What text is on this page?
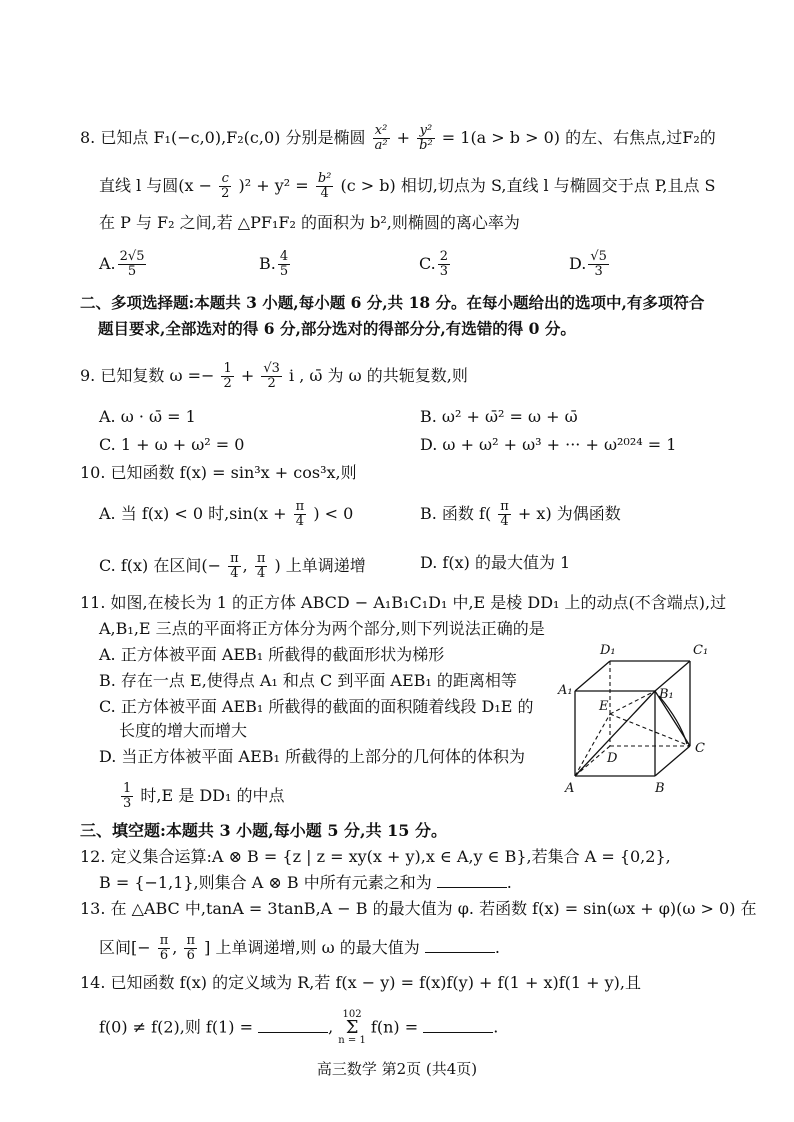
8. 已知点 F₁(−c,0),F₂(c,0) 分别是椭圆 $\frac{\text{x²}}{\text{a²}} + \frac{\text{y²}}{\text{b²}} = 1(a > b > 0)$ 的左、右焦点,过F₂的
直线 l 与圆$(x - \frac{c}{2} )^2 + y^2 = \frac{\text{b²}}{4} (c > b)$ 相切,切点为 S,直线 l 与椭圆交于点 P,且点 S
在 P 与 F₂ 之间,若 △PF₁F₂ 的面积为 b²,则椭圆的离心率为
A. $\frac{2√5}{5}$	B. $\frac{4}{5}$	C. $\frac{2}{3}$	D. $\frac{√5}{3}$
二、多项选择题:本题共 3 小题,每小题 6 分,共 18 分。在每小题给出的选项中,有多项符合
题目要求,全部选对的得 6 分,部分选对的得部分分,有选错的得 0 分。
9. 已知复数 $\omega =- \frac{1}{2} + \frac{√3}{2}$ i , ω̄ 为 ω 的共轭复数,则
A. ω · ω̄ = 1	B. ω² + ω̄² = ω + ω̄
C. 1 + ω + ω² = 0	D. ω + ω² + ω³ + ··· + ω²⁰²⁴ = 1
10. 已知函数 f(x) = sin³x + cos³x,则
A. 当 f(x) < 0 时$,\sin(x + \frac{\pi}{4}$ ) < 0	B. 函数 $f( \frac{\pi}{4} + x)$ 为偶函数
C. f(x) 在区间(− $\frac{\pi}{4}$ , $\frac{\pi}{4}$ ) 上单调递增	D. f(x) 的最大值为 1
11. 如图,在棱长为 1 的正方体 ABCD − A₁B₁C₁D₁ 中,E 是棱 DD₁ 上的动点(不含端点),过
A,B₁,E 三点的平面将正方体分为两个部分,则下列说法正确的是
A. 正方体被平面 AEB₁ 所截得的截面形状为梯形
B. 存在一点 E,使得点 A₁ 和点 C 到平面 AEB₁ 的距离相等
C. 正方体被平面 AEB₁ 所截得的截面的面积随着线段 D₁E 的
长度的增大而增大
D. 当正方体被平面 AEB₁ 所截得的上部分的几何体的体积为
$\frac{1}{3}$ 时,E 是 DD₁ 的中点
D₁	C₁
A₁	B₁
E
D
C
A	B
三、填空题:本题共 3 小题,每小题 5 分,共 15 分。
12. 定义集合运算:A ⊗ B = {z | z = xy(x + y),x ∈ A,y ∈ B},若集合 A = {0,2},
B = {−1,1},则集合 A ⊗ B 中所有元素之和为	.
13. 在 △ABC 中,tanA = 3tanB,A − B 的最大值为 φ. 若函数 f(x) = sin(ωx + φ)(ω > 0) 在
区间[− $\frac{\pi}{6}$ , $\frac{\pi}{6}$ ] 上单调递增,则 ω 的最大值为	.
14. 已知函数 f(x) 的定义域为 R,若 f(x − y) = f(x)f(y) + f(1 + x)f(1 + y),且
f(0) ≠ f(2),则 f(1) =	, 102
Σ
n = 1 f(n) =	.
高三数学 第2页 (共4页)
